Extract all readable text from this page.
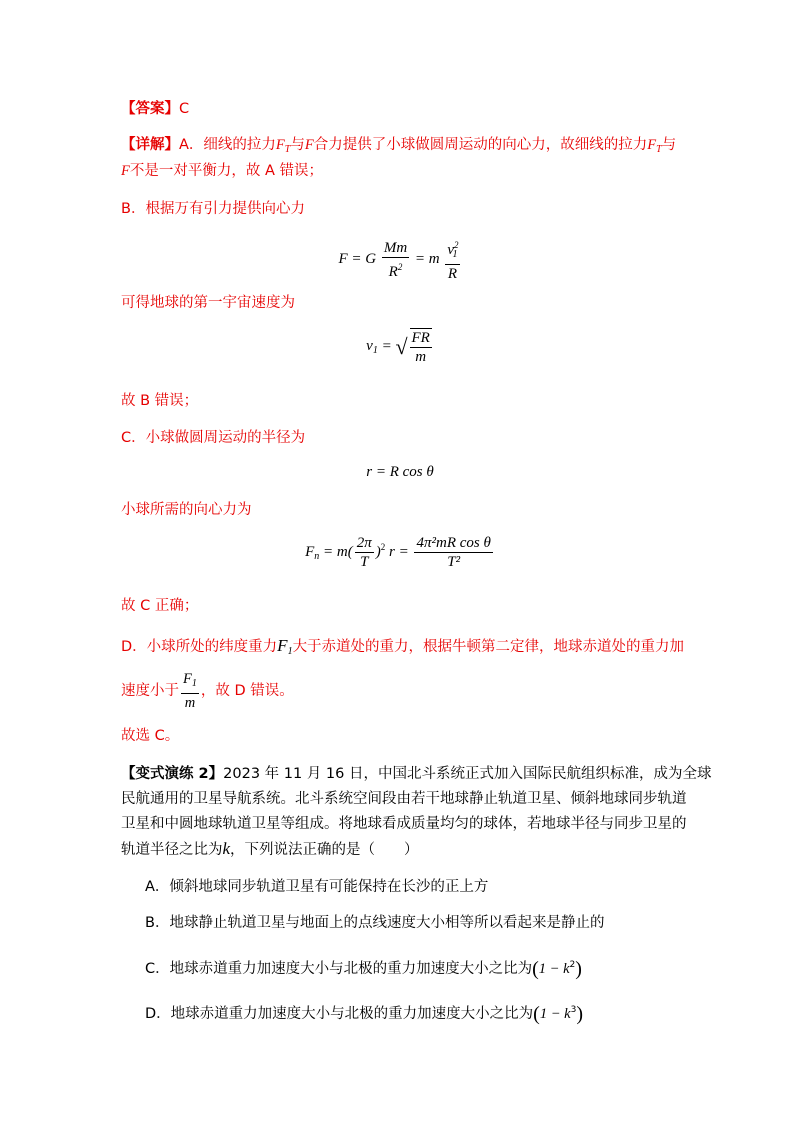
【答案】C
【详解】A．细线的拉力$F_T$与F合力提供了小球做圆周运动的向心力，故细线的拉力$F_T$与
F不是一对平衡力，故 A 错误；
B．根据万有引力提供向心力
F = G $\frac{Mm}{R^2} = m \frac{v^2_1}{R}$
可得地球的第一宇宙速度为
$v_1$ = √ $\frac{FR}{m}$
故 B 错误；
C．小球做圆周运动的半径为
r = R cos θ
小球所需的向心力为
$F_n = m( \frac{2\pi}{T} )^2$ $r = \frac{\text{4π²mR cos θ}}{\text{T²}}$
故 C 正确；
D．小球所处的纬度重力$F_1$大于赤道处的重力，根据牛顿第二定律，地球赤道处的重力加
速度小于 $\frac{F_1}{m}$ ，故 D 错误。
故选 C。
【变式演练 2】2023 年 11 月 16 日，中国北斗系统正式加入国际民航组织标准，成为全球
民航通用的卫星导航系统。北斗系统空间段由若干地球静止轨道卫星、倾斜地球同步轨道
卫星和中圆地球轨道卫星等组成。将地球看成质量均匀的球体，若地球半径与同步卫星的
轨道半径之比为k，下列说法正确的是（　　）
A．倾斜地球同步轨道卫星有可能保持在长沙的正上方
B．地球静止轨道卫星与地面上的点线速度大小相等所以看起来是静止的
C．地球赤道重力加速度大小与北极的重力加速度大小之比为$(1 - k^2)$
D．地球赤道重力加速度大小与北极的重力加速度大小之比为$(1 - k^3)$
